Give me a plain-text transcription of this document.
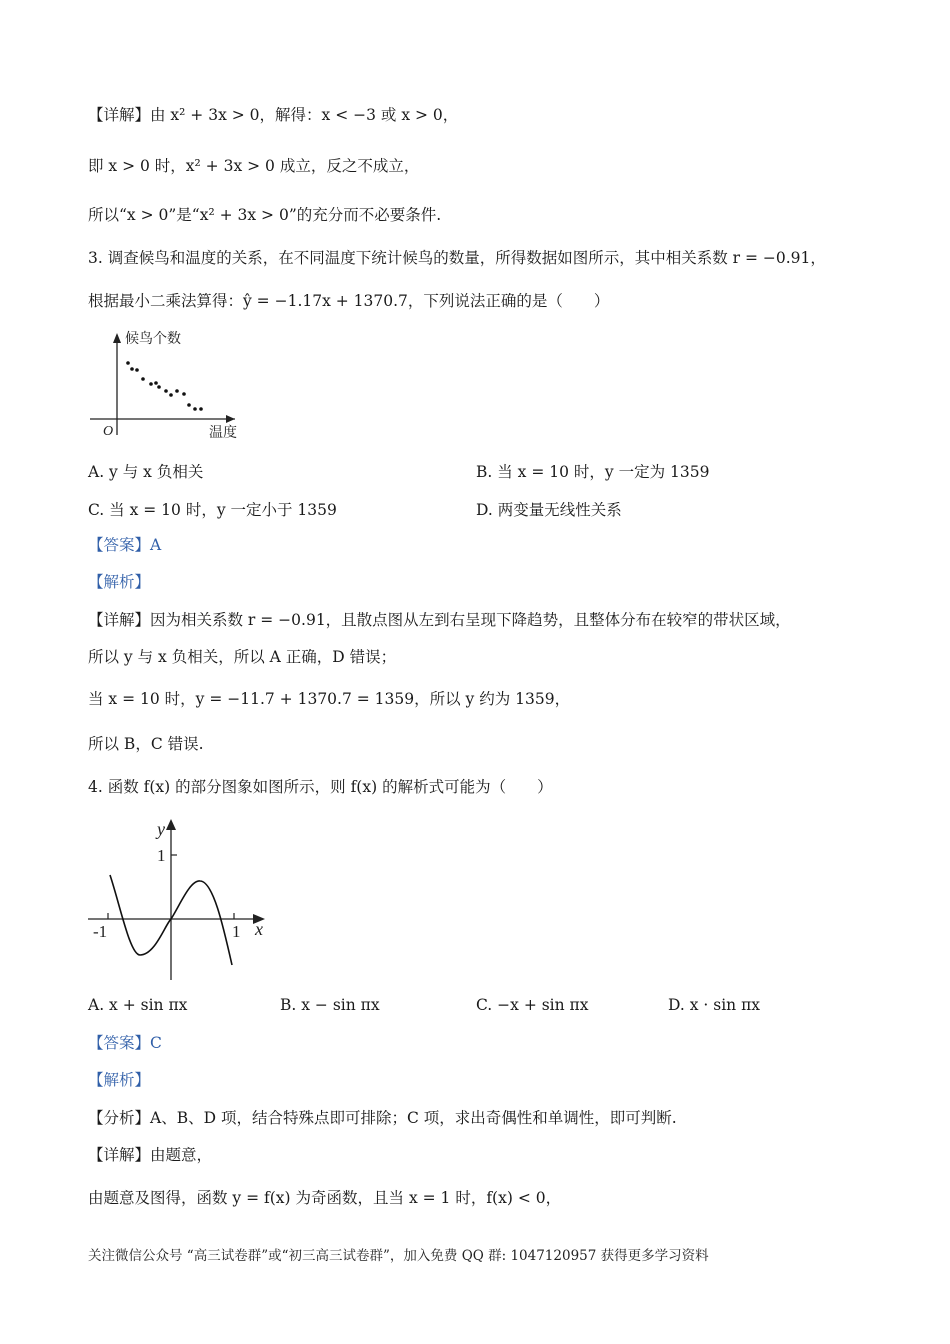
【详解】由 x² + 3x > 0，解得：x < −3 或 x > 0，
即 x > 0 时，x² + 3x > 0 成立，反之不成立，
所以“x > 0”是“x² + 3x > 0”的充分而不必要条件.
3. 调查候鸟和温度的关系，在不同温度下统计候鸟的数量，所得数据如图所示，其中相关系数 r = −0.91，
根据最小二乘法算得：ŷ = −1.17x + 1370.7，下列说法正确的是（　　）
候鸟个数
温度
O
A. y 与 x 负相关	B. 当 x = 10 时，y 一定为 1359
C. 当 x = 10 时，y 一定小于 1359	D. 两变量无线性关系
【答案】A
【解析】
【详解】因为相关系数 r = −0.91，且散点图从左到右呈现下降趋势，且整体分布在较窄的带状区域，
所以 y 与 x 负相关，所以 A 正确，D 错误；
当 x = 10 时，y = −11.7 + 1370.7 = 1359，所以 y 约为 1359，
所以 B，C 错误.
4. 函数 f(x) 的部分图象如图所示，则 f(x) 的解析式可能为（　　）
y
1
-1	1 x
A. x + sin πx	B. x − sin πx	C. −x + sin πx	D. x · sin πx
【答案】C
【解析】
【分析】A、B、D 项，结合特殊点即可排除；C 项，求出奇偶性和单调性，即可判断.
【详解】由题意，
由题意及图得，函数 y = f(x) 为奇函数，且当 x = 1 时，f(x) < 0，
关注微信公众号 “高三试卷群”或“初三高三试卷群”，加入免费 QQ 群: 1047120957 获得更多学习资料
